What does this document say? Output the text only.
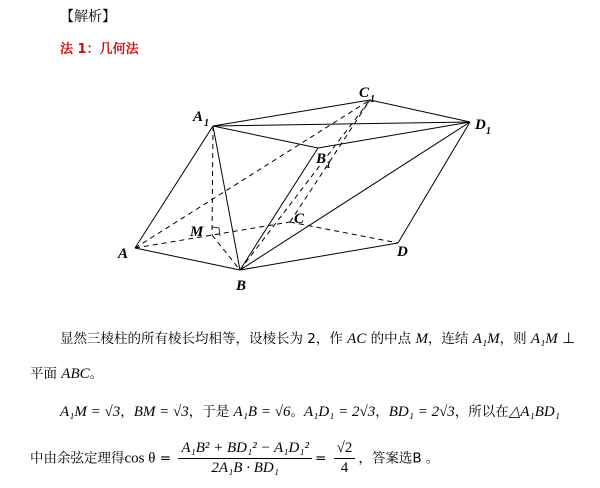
【解析】
法 1：几何法
A 1
C 1
D 1
B 1
M
C
A	D
B
显然三棱柱的所有棱长均相等，设棱长为 2，作 AC 的中点 M，连结 A₁M，则 A₁M ⊥
平面 ABC。
A₁M = √3，BM = √3，于是 A₁B = √6。A₁D₁ = 2√3，BD₁ = 2√3，所以在△A₁BD₁
中由余弦定理得$\cos \theta = \frac{\text{A₁B² + BD₁² − A₁D₁²}}{\text{2A₁B · BD₁}} = \frac{√2}{4}$ ，答案选B 。
